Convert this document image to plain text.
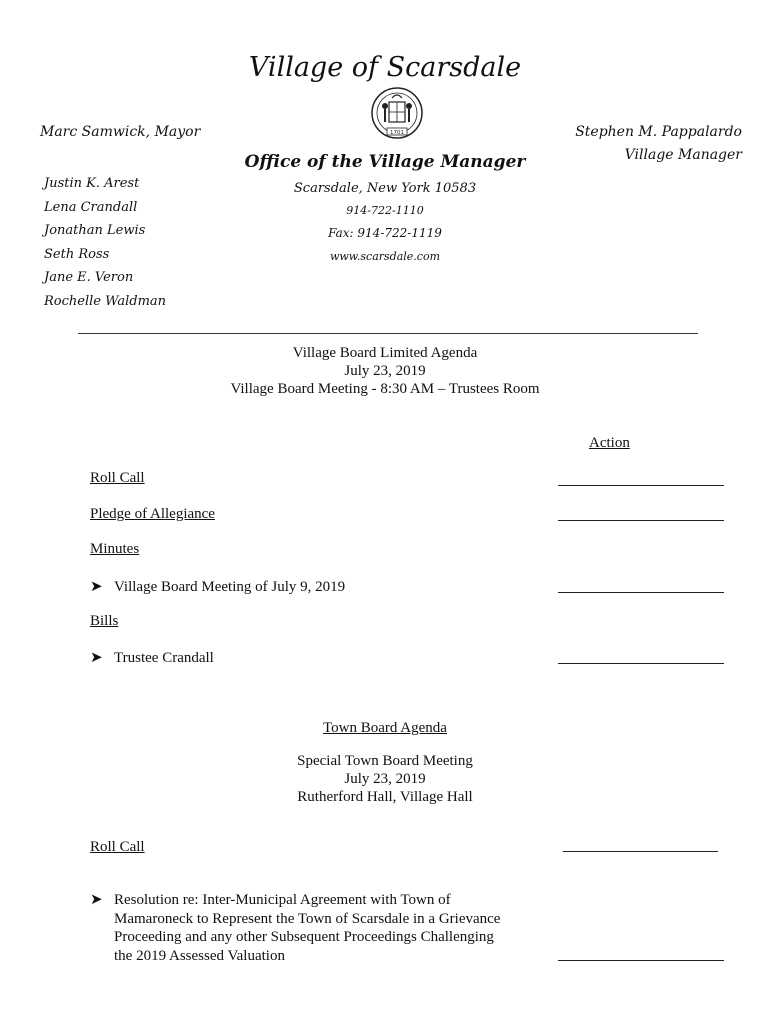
Village of Scarsdale
1701
Marc Samwick, Mayor
Justin K. Arest
Lena Crandall
Jonathan Lewis
Seth Ross
Jane E. Veron
Rochelle Waldman
Stephen M. Pappalardo
Village Manager
Office of the Village Manager
Scarsdale, New York 10583
914-722-1110
Fax: 914-722-1119
www.scarsdale.com
Village Board Limited Agenda
July 23, 2019
Village Board Meeting - 8:30 AM – Trustees Room
Action
Roll Call
Pledge of Allegiance
Minutes
➤ Village Board Meeting of July 9, 2019
Bills
➤ Trustee Crandall
Town Board Agenda
Special Town Board Meeting
July 23, 2019
Rutherford Hall, Village Hall
Roll Call
➤ Resolution re: Inter-Municipal Agreement with Town of Mamaroneck to Represent the Town of Scarsdale in a Grievance Proceeding and any other Subsequent Proceedings Challenging the 2019 Assessed Valuation
